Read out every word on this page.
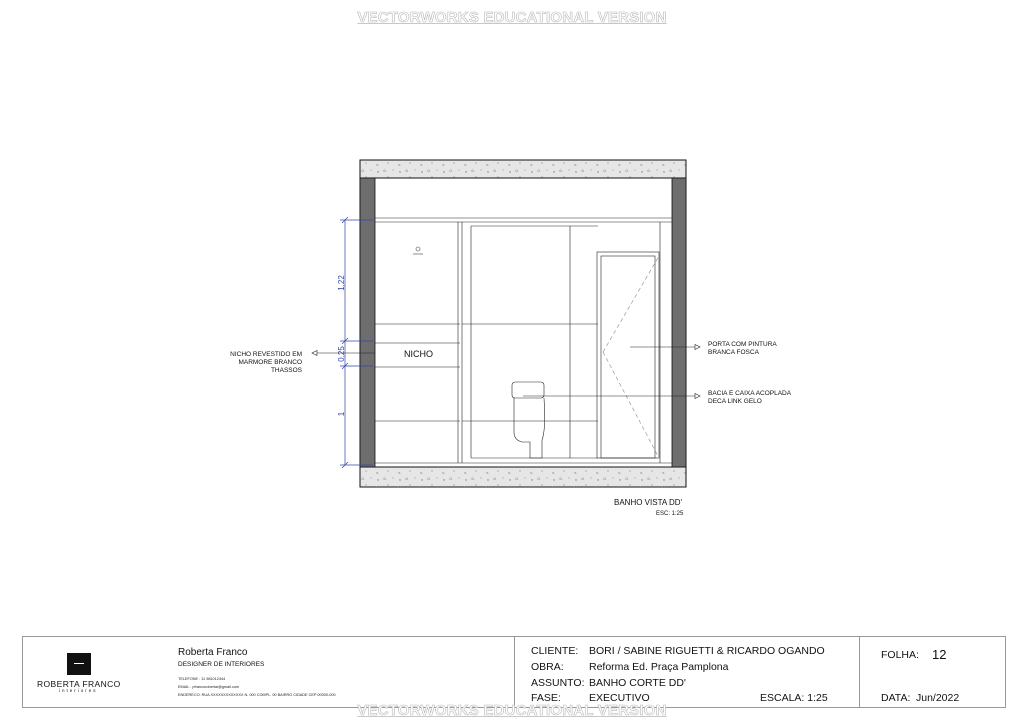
VECTORWORKS EDUCATIONAL VERSION
1,22
0,25
1
NICHO
NICHO REVESTIDO EM
MARMORE BRANCO
THASSOS
PORTA COM PINTURA
BRANCA FOSCA
BACIA E CAIXA ACOPLADA
DECA LINK GELO
BANHO VISTA DD'
ESC: 1:25
ROBERTA FRANCO
interiores
Roberta Franco
DESIGNER DE INTERIORES
TELEFONE : 11 981012444
EMAIL : pfrancorobertai@gmail.com
ENDERECO: RUA XXXXXXXXXXXXX N. 000 COMPL. 00 BAIRRO CIDADE CEP 00000-000
CLIENTE: BORI / SABINE RIGUETTI & RICARDO OGANDO
OBRA: Reforma Ed. Praça Pamplona
ASSUNTO: BANHO CORTE DD'
FASE:	EXECUTIVO	ESCALA: 1:25
FOLHA: 12
DATA: Jun/2022
VECTORWORKS EDUCATIONAL VERSION
